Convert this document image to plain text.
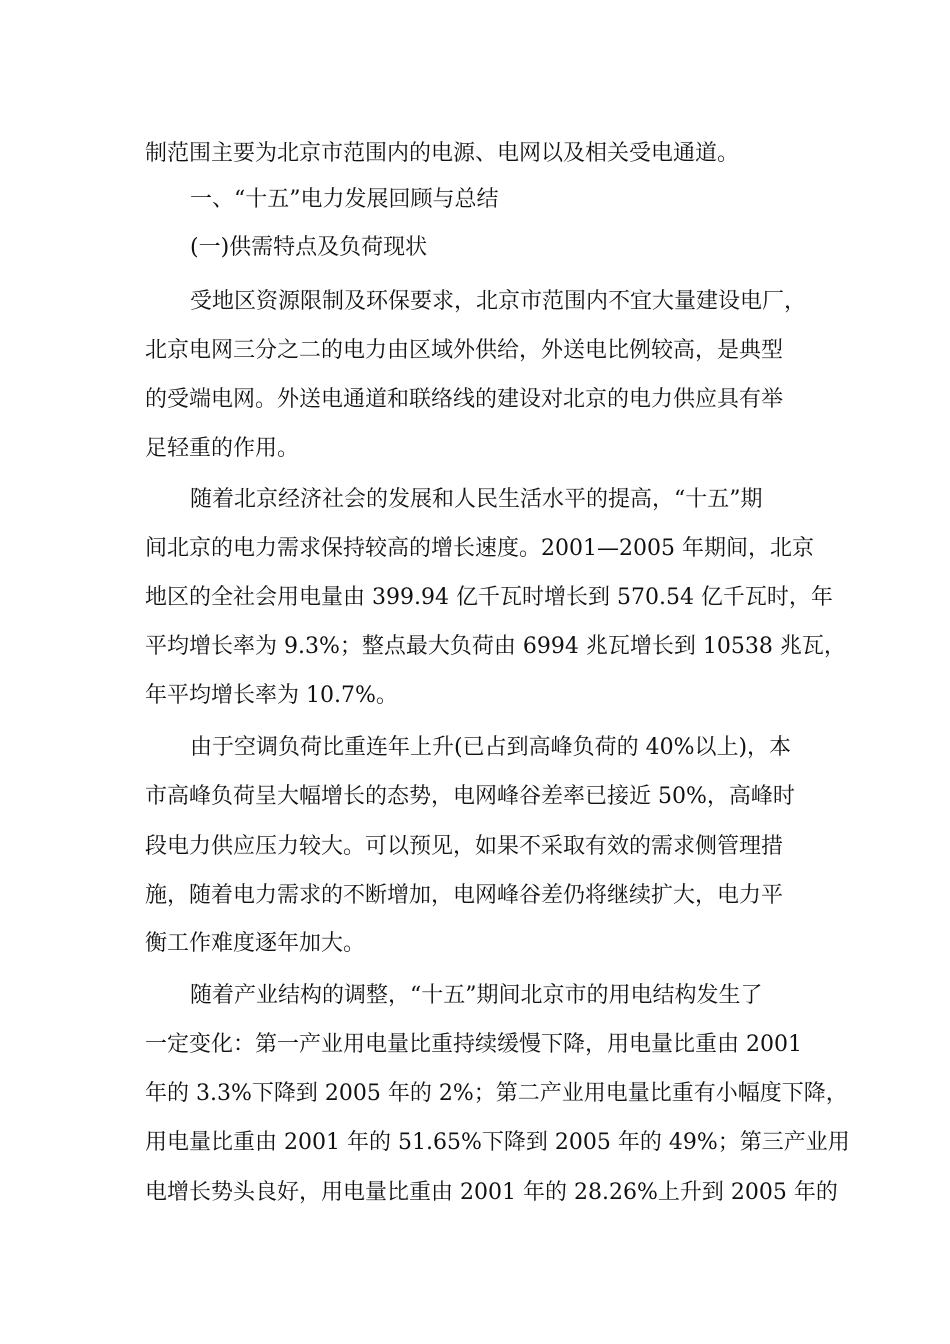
制范围主要为北京市范围内的电源、电网以及相关受电通道。

一、“十五”电力发展回顾与总结

(一)供需特点及负荷现状

受地区资源限制及环保要求，北京市范围内不宜大量建设电厂，

北京电网三分之二的电力由区域外供给，外送电比例较高，是典型

的受端电网。外送电通道和联络线的建设对北京的电力供应具有举

足轻重的作用。

随着北京经济社会的发展和人民生活水平的提高，“十五”期

间北京的电力需求保持较高的增长速度。2001—2005 年期间，北京

地区的全社会用电量由 399.94 亿千瓦时增长到 570.54 亿千瓦时，年

平均增长率为 9.3%；整点最大负荷由 6994 兆瓦增长到 10538 兆瓦，

年平均增长率为 10.7%。

由于空调负荷比重连年上升(已占到高峰负荷的 40%以上)，本

市高峰负荷呈大幅增长的态势，电网峰谷差率已接近 50%，高峰时

段电力供应压力较大。可以预见，如果不采取有效的需求侧管理措

施，随着电力需求的不断增加，电网峰谷差仍将继续扩大，电力平

衡工作难度逐年加大。

随着产业结构的调整，“十五”期间北京市的用电结构发生了

一定变化：第一产业用电量比重持续缓慢下降，用电量比重由 2001

年的 3.3%下降到 2005 年的 2%；第二产业用电量比重有小幅度下降，

用电量比重由 2001 年的 51.65%下降到 2005 年的 49%；第三产业用

电增长势头良好，用电量比重由 2001 年的 28.26%上升到 2005 年的
